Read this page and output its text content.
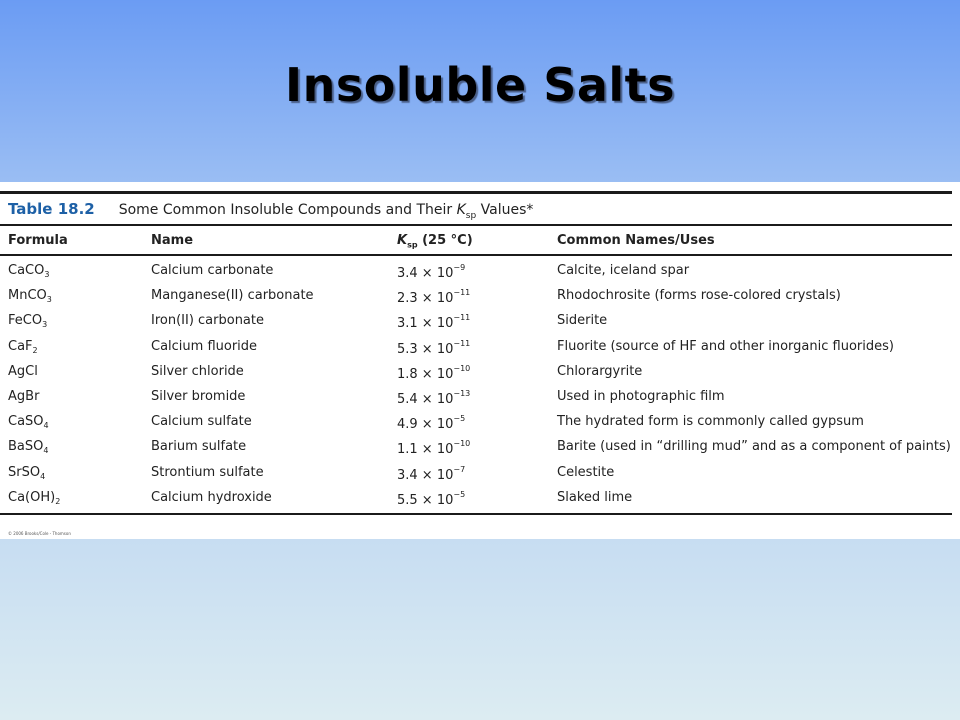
Insoluble Salts
Table 18.2 Some Common Insoluble Compounds and Their $K_{sp}$ Values*
Formula	Name	$K_{sp}$ (25 °C)	Common Names/Uses
CaCO$_3$	Calcium carbonate	$3.4 \times 10^{-9}$	Calcite, iceland spar
MnCO$_3$	Manganese(II) carbonate	$2.3 \times 10^{-11}$	Rhodochrosite (forms rose-colored crystals)
FeCO$_3$	Iron(II) carbonate	$3.1 \times 10^{-11}$	Siderite
CaF$_2$	Calcium fluoride	$5.3 \times 10^{-11}$	Fluorite (source of HF and other inorganic fluorides)
AgCl	Silver chloride	$1.8 \times 10^{-10}$	Chlorargyrite
AgBr	Silver bromide	$5.4 \times 10^{-13}$	Used in photographic film
CaSO$_4$	Calcium sulfate	$4.9 \times 10^{-5}$	The hydrated form is commonly called gypsum
BaSO$_4$	Barium sulfate	$1.1 \times 10^{-10}$	Barite (used in “drilling mud” and as a component of paints)
SrSO$_4$	Strontium sulfate	$3.4 \times 10^{-7}$	Celestite
$Ca(OH)_2$	Calcium hydroxide	$5.5 \times 10^{-5}$	Slaked lime
© 2006 Brooks/Cole - Thomson
